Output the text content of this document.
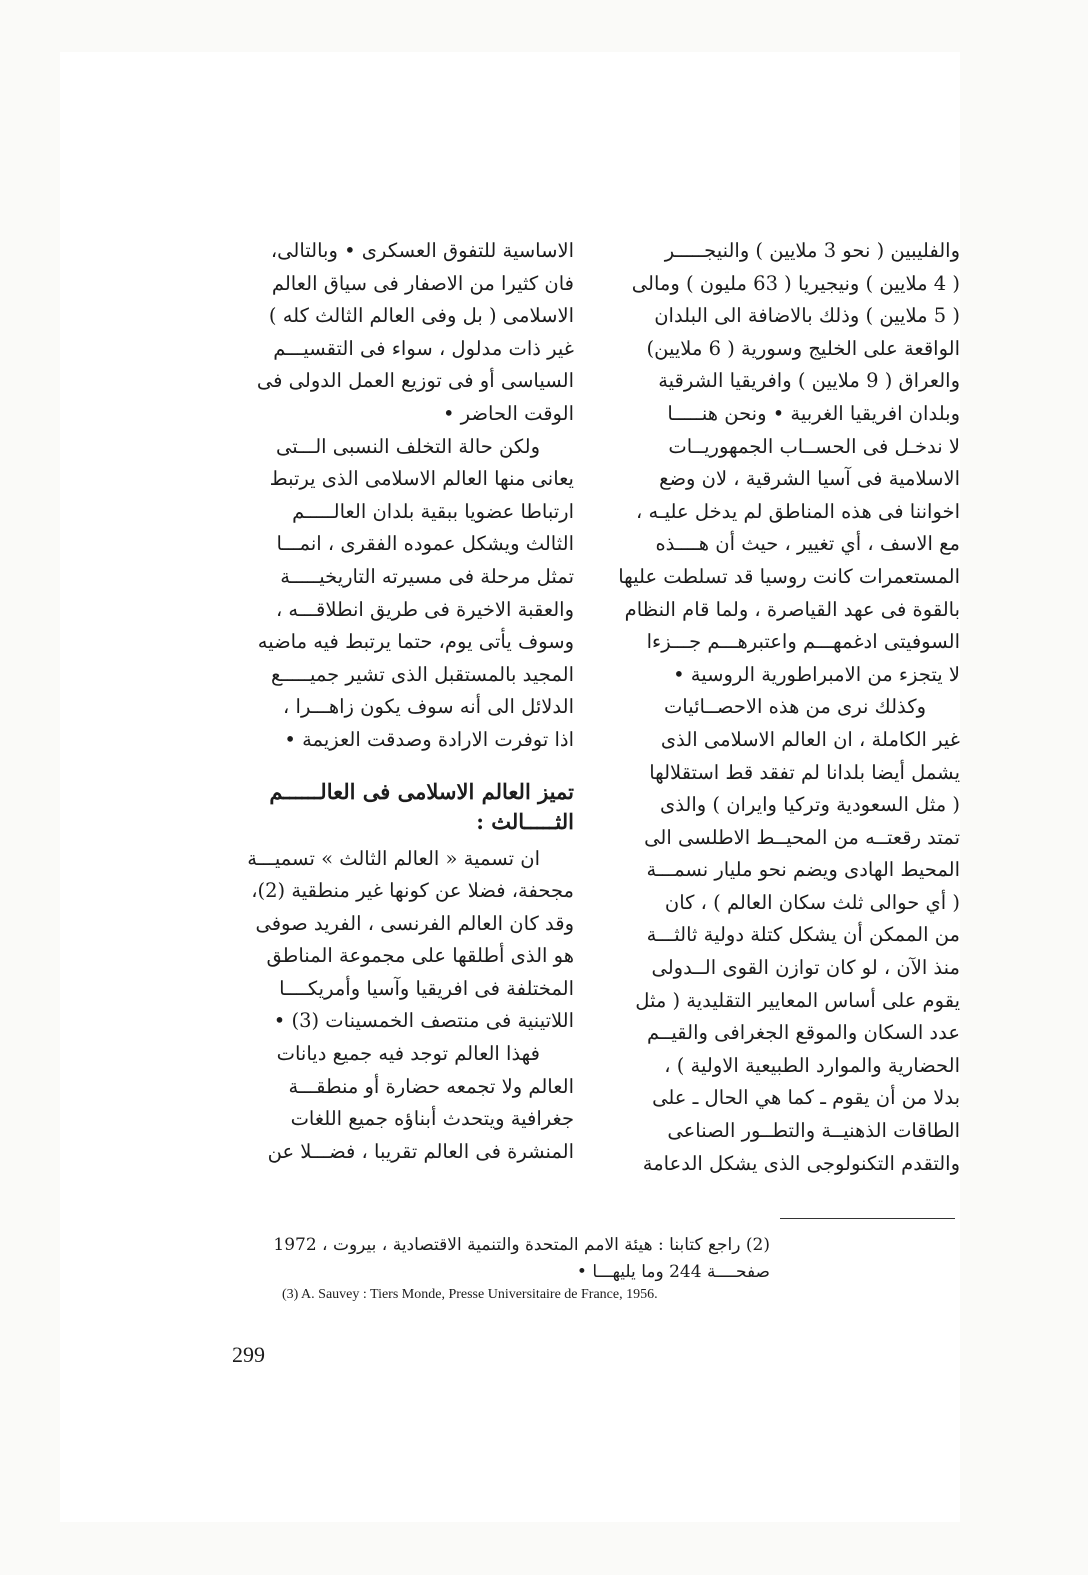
والفليبين ( نحو 3 ملايين ) والنيجـــــر
( 4 ملايين ) ونيجيريا ( 63 مليون ) ومالى
( 5 ملايين ) وذلك بالاضافة الى البلدان
الواقعة على الخليج وسورية ( 6 ملايين)
والعراق ( 9 ملايين ) وافريقيا الشرقية
وبلدان افريقيا الغربية • ونحن هنـــــا
لا ندخـل فى الحســاب الجمهوريــات
الاسلامية فى آسيا الشرقية ، لان وضع
اخواننا فى هذه المناطق لم يدخل عليـه ،
مع الاسف ، أي تغيير ، حيث أن هــــذه
المستعمرات كانت روسيا قد تسلطت عليها
بالقوة فى عهد القياصرة ، ولما قام النظام
السوفيتى ادغمهـــم واعتبرهـــم جـــزءا
لا يتجزء من الامبراطورية الروسية •
وكذلك نرى من هذه الاحصــائيات
غير الكاملة ، ان العالم الاسلامى الذى
يشمل أيضا بلدانا لم تفقد قط استقلالها
( مثل السعودية وتركيا وايران ) والذى
تمتد رقعتــه من المحيــط الاطلسى الى
المحيط الهادى ويضم نحو مليار نسمـــة
( أي حوالى ثلث سكان العالم ) ، كان
من الممكن أن يشكل كتلة دولية ثالثـــة
منذ الآن ، لو كان توازن القوى الــدولى
يقوم على أساس المعايير التقليدية ( مثل
عدد السكان والموقع الجغرافى والقيــم
الحضارية والموارد الطبيعية الاولية ) ،
بدلا من أن يقوم ـ كما هي الحال ـ على
الطاقات الذهنيــة والتطــور الصناعى
والتقدم التكنولوجى الذى يشكل الدعامة
الاساسية للتفوق العسكرى • وبالتالى،
فان كثيرا من الاصفار فى سياق العالم
الاسلامى ( بل وفى العالم الثالث كله )
غير ذات مدلول ، سواء فى التقسيـــم
السياسى أو فى توزيع العمل الدولى فى
الوقت الحاضر •
ولكن حالة التخلف النسبى الـــتى
يعانى منها العالم الاسلامى الذى يرتبط
ارتباطا عضويا ببقية بلدان العالـــــم
الثالث ويشكل عموده الفقرى ، انمـــا
تمثل مرحلة فى مسيرته التاريخيـــــة
والعقبة الاخيرة فى طريق انطلاقـــه ،
وسوف يأتى يوم، حتما يرتبط فيه ماضيه
المجيد بالمستقبل الذى تشير جميـــــع
الدلائل الى أنه سوف يكون زاهـــرا ،
اذا توفرت الارادة وصدقت العزيمة •
تميز العالم الاسلامى فى العالــــــم
الثـــــالث :
ان تسمية « العالم الثالث » تسميـــة
مجحفة، فضلا عن كونها غير منطقية (2)،
وقد كان العالم الفرنسى ، الفريد صوفى
هو الذى أطلقها على مجموعة المناطق
المختلفة فى افريقيا وآسيا وأمريكــــا
اللاتينية فى منتصف الخمسينات (3) •
فهذا العالم توجد فيه جميع ديانات
العالم ولا تجمعه حضارة أو منطقـــة
جغرافية ويتحدث أبناؤه جميع اللغات
المنشرة فى العالم تقريبا ، فضـــلا عن
(2) راجع كتابنا : هيئة الامم المتحدة والتنمية الاقتصادية ، بيروت ، 1972
صفحــــة 244 وما يليهـــا •
(3) A. Sauvey : Tiers Monde, Presse Universitaire de France, 1956.
299
